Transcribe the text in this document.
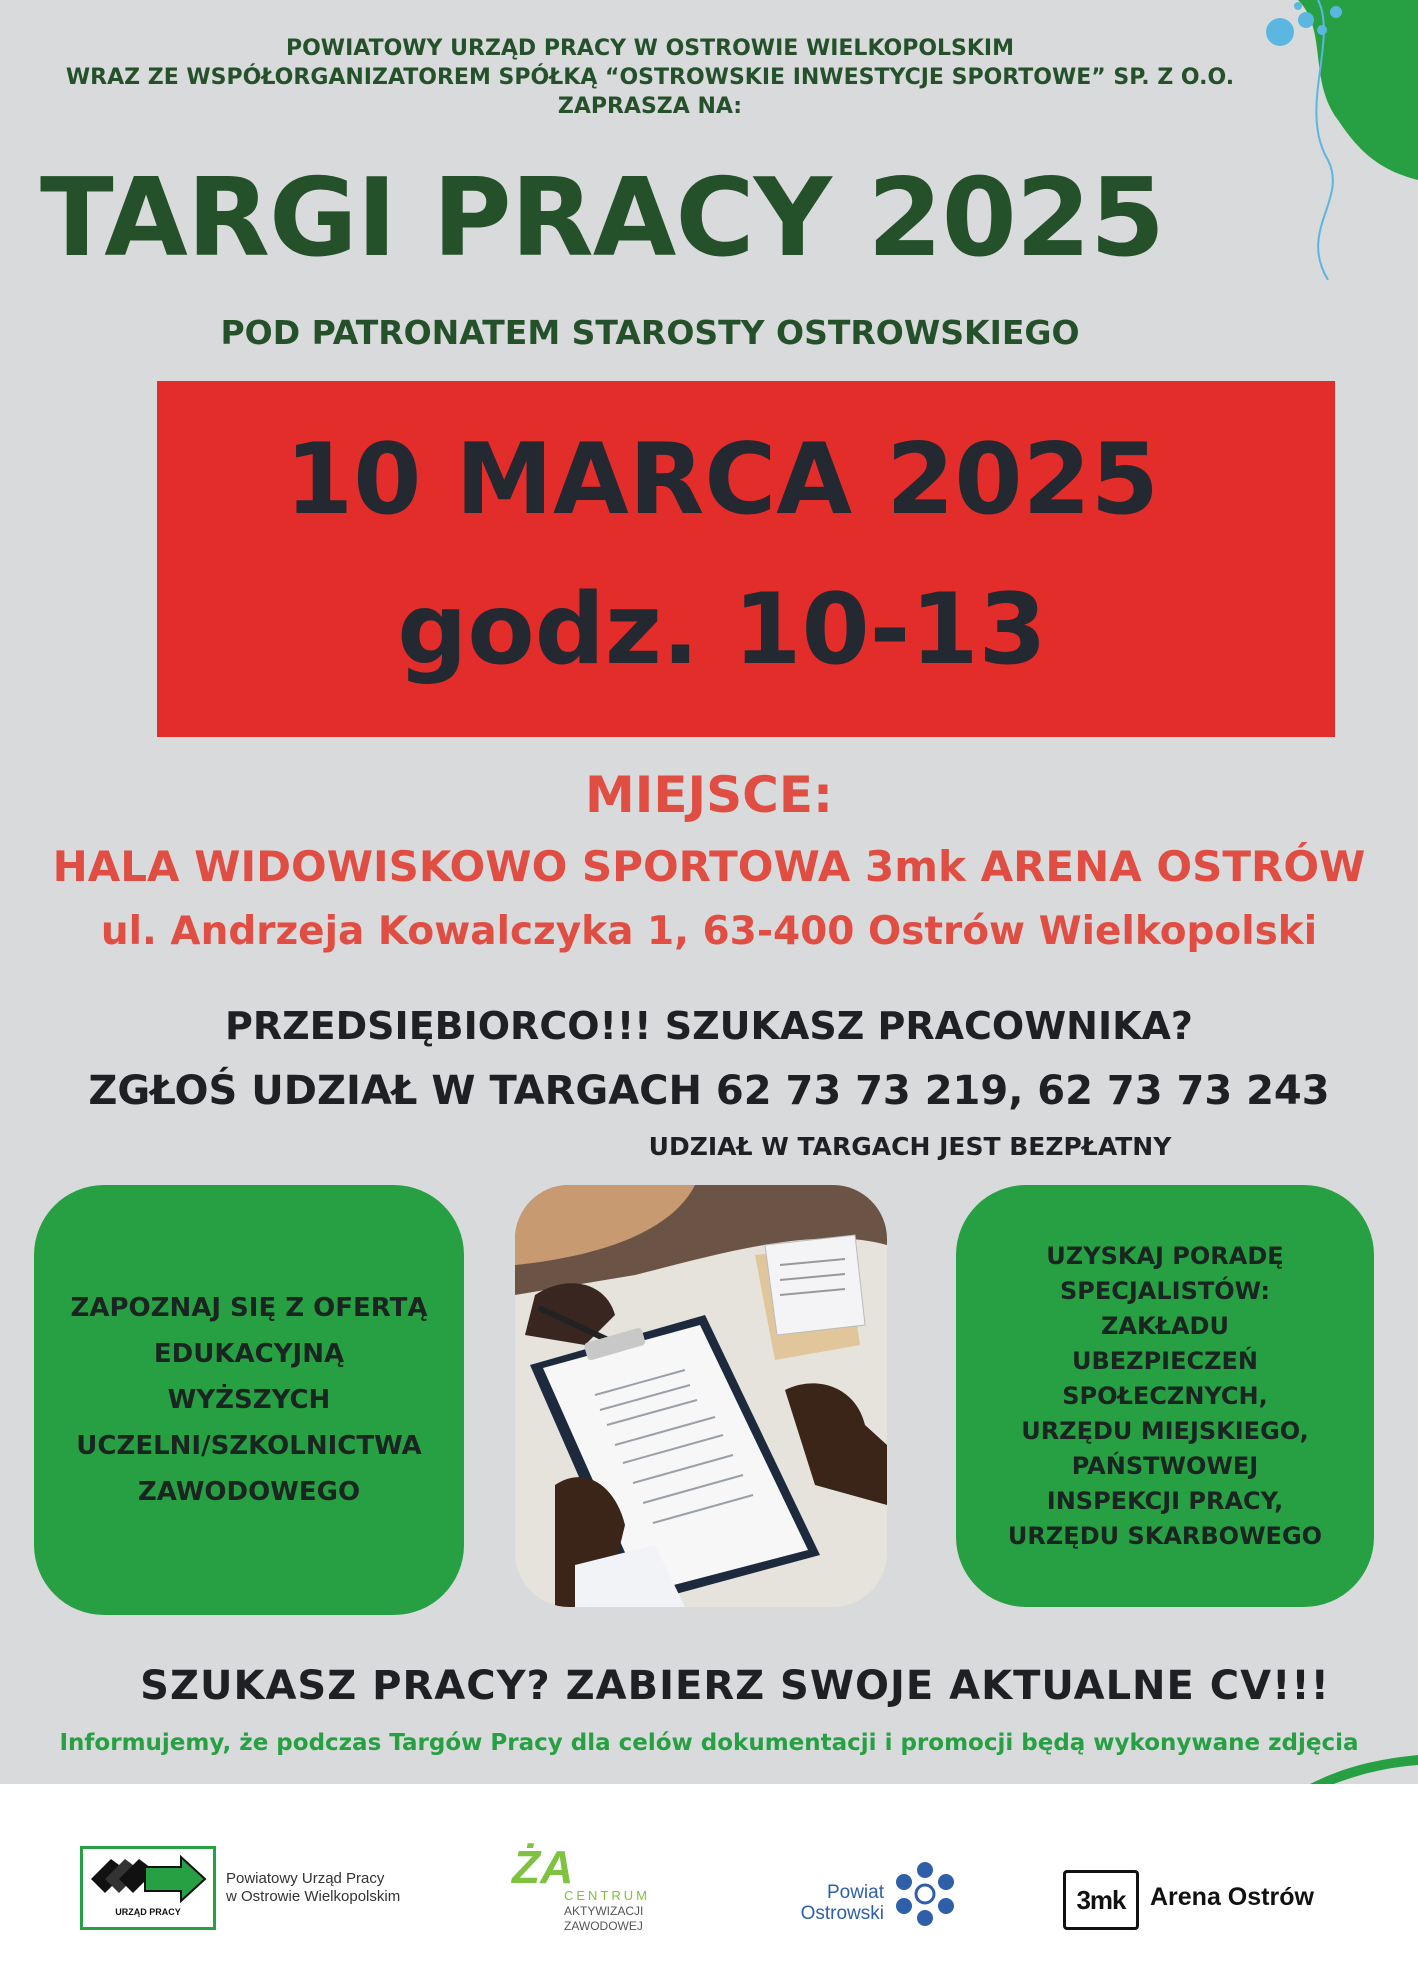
POWIATOWY URZĄD PRACY W OSTROWIE WIELKOPOLSKIM
WRAZ ZE WSPÓŁORGANIZATOREM SPÓŁKĄ “OSTROWSKIE INWESTYCJE SPORTOWE” SP. Z O.O.
ZAPRASZA NA:
TARGI PRACY 2025
POD PATRONATEM STAROSTY OSTROWSKIEGO
10 MARCA 2025
godz. 10-13
MIEJSCE:
HALA WIDOWISKOWO SPORTOWA 3mk ARENA OSTRÓW
ul. Andrzeja Kowalczyka 1, 63-400 Ostrów Wielkopolski
PRZEDSIĘBIORCO!!! SZUKASZ PRACOWNIKA?
ZGŁOŚ UDZIAŁ W TARGACH 62 73 73 219, 62 73 73 243
UDZIAŁ W TARGACH JEST BEZPŁATNY
ZAPOZNAJ SIĘ Z OFERTĄ
EDUKACYJNĄ
WYŻSZYCH
UCZELNI/SZKOLNICTWA
ZAWODOWEGO
UZYSKAJ PORADĘ
SPECJALISTÓW:
ZAKŁADU
UBEZPIECZEŃ
SPOŁECZNYCH,
URZĘDU MIEJSKIEGO,
PAŃSTWOWEJ
INSPEKCJI PRACY,
URZĘDU SKARBOWEGO
SZUKASZ PRACY? ZABIERZ SWOJE AKTUALNE CV!!!
Informujemy, że podczas Targów Pracy dla celów dokumentacji i promocji będą wykonywane zdjęcia
URZĄD PRACY
Powiatowy Urząd Pracy
w Ostrowie Wielkopolskim
ŻA
CENTRUM
AKTYWIZACJI
ZAWODOWEJ
Powiat
Ostrowski	3mk Arena Ostrów
